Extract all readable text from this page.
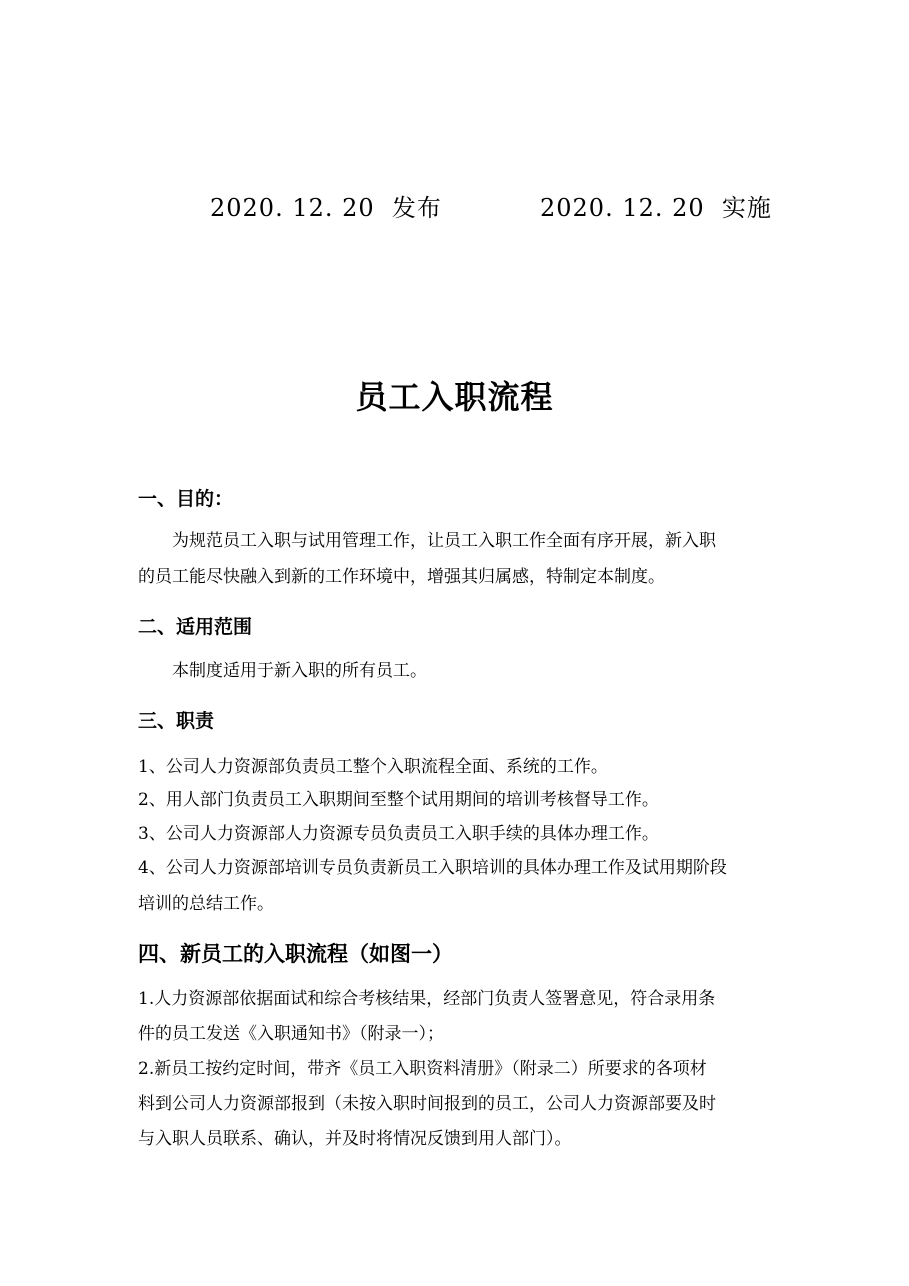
2020. 12. 20  发布	2020. 12. 20  实施
员工入职流程
一、目的：
为规范员工入职与试用管理工作，让员工入职工作全面有序开展，新入职
的员工能尽快融入到新的工作环境中，增强其归属感，特制定本制度。
二、适用范围
本制度适用于新入职的所有员工。
三、职责
1、公司人力资源部负责员工整个入职流程全面、系统的工作。
2、用人部门负责员工入职期间至整个试用期间的培训考核督导工作。
3、公司人力资源部人力资源专员负责员工入职手续的具体办理工作。
4、公司人力资源部培训专员负责新员工入职培训的具体办理工作及试用期阶段
培训的总结工作。
四、新员工的入职流程（如图一）
1.人力资源部依据面试和综合考核结果，经部门负责人签署意见，符合录用条
件的员工发送《入职通知书》（附录一）；
2.新员工按约定时间，带齐《员工入职资料清册》（附录二）所要求的各项材
料到公司人力资源部报到（未按入职时间报到的员工，公司人力资源部要及时
与入职人员联系、确认，并及时将情况反馈到用人部门）。
